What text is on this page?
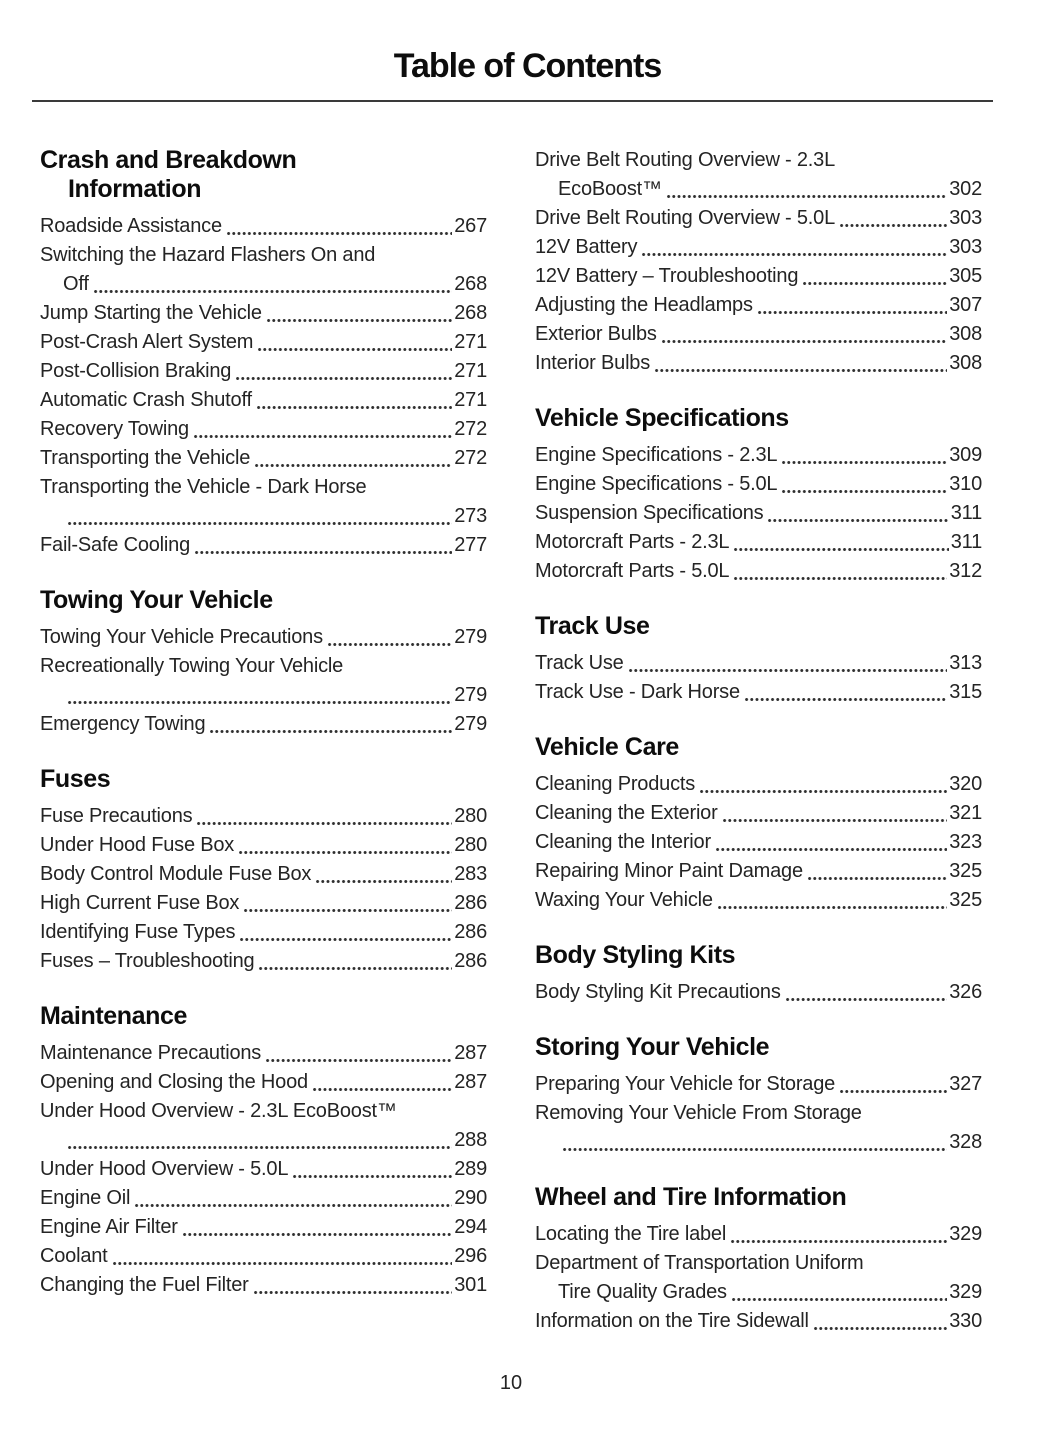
Table of Contents
Crash and Breakdown
Information
Roadside Assistance	267
Switching the Hazard Flashers On and
Off	268
Jump Starting the Vehicle	268
Post-Crash Alert System	271
Post-Collision Braking	271
Automatic Crash Shutoff	271
Recovery Towing	272
Transporting the Vehicle	272
Transporting the Vehicle - Dark Horse
273
Fail-Safe Cooling	277
Towing Your Vehicle
Towing Your Vehicle Precautions	279
Recreationally Towing Your Vehicle
279
Emergency Towing	279
Fuses
Fuse Precautions	280
Under Hood Fuse Box	280
Body Control Module Fuse Box	283
High Current Fuse Box	286
Identifying Fuse Types	286
Fuses – Troubleshooting	286
Maintenance
Maintenance Precautions	287
Opening and Closing the Hood	287
Under Hood Overview - 2.3L EcoBoost™
288
Under Hood Overview - 5.0L	289
Engine Oil	290
Engine Air Filter	294
Coolant	296
Changing the Fuel Filter	301
Drive Belt Routing Overview - 2.3L
EcoBoost™	302
Drive Belt Routing Overview - 5.0L	303
12V Battery	303
12V Battery – Troubleshooting	305
Adjusting the Headlamps	307
Exterior Bulbs	308
Interior Bulbs	308
Vehicle Specifications
Engine Specifications - 2.3L	309
Engine Specifications - 5.0L	310
Suspension Specifications	311
Motorcraft Parts - 2.3L	311
Motorcraft Parts - 5.0L	312
Track Use
Track Use	313
Track Use - Dark Horse	315
Vehicle Care
Cleaning Products	320
Cleaning the Exterior	321
Cleaning the Interior	323
Repairing Minor Paint Damage	325
Waxing Your Vehicle	325
Body Styling Kits
Body Styling Kit Precautions	326
Storing Your Vehicle
Preparing Your Vehicle for Storage	327
Removing Your Vehicle From Storage
328
Wheel and Tire Information
Locating the Tire label	329
Department of Transportation Uniform
Tire Quality Grades	329
Information on the Tire Sidewall	330
10
